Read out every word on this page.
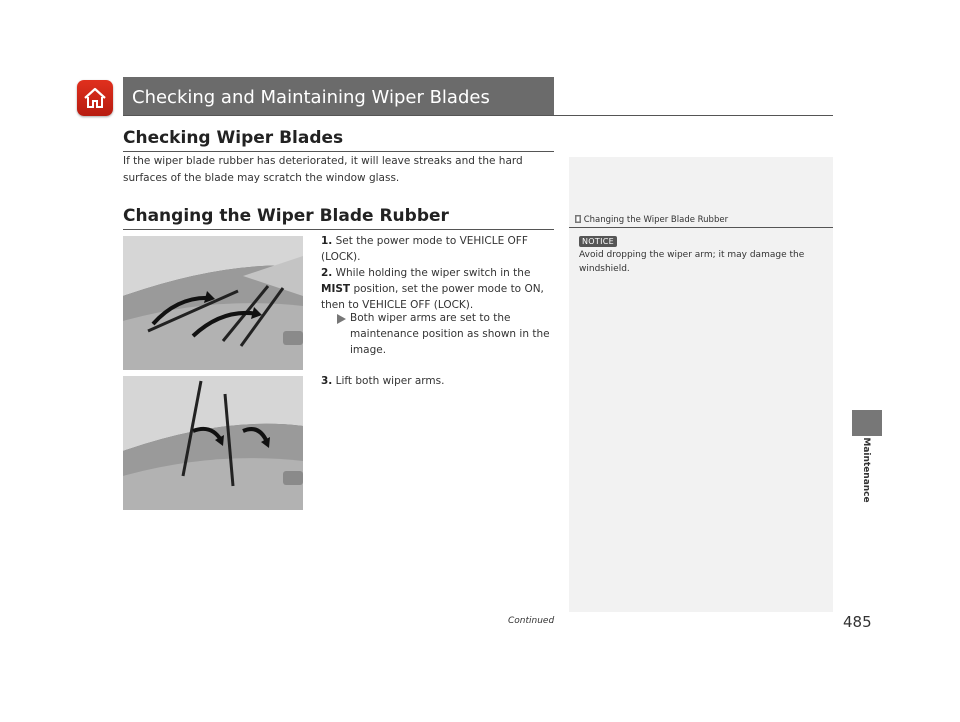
Checking and Maintaining Wiper Blades
Checking Wiper Blades
If the wiper blade rubber has deteriorated, it will leave streaks and the hard surfaces of the blade may scratch the window glass.
Changing the Wiper Blade Rubber
1. Set the power mode to VEHICLE OFF (LOCK).
2. While holding the wiper switch in the MIST position, set the power mode to ON, then to VEHICLE OFF (LOCK).
Both wiper arms are set to the maintenance position as shown in the image.
3. Lift both wiper arms.
Changing the Wiper Blade Rubber
NOTICE
Avoid dropping the wiper arm; it may damage the windshield.
Maintenance
Continued	485
